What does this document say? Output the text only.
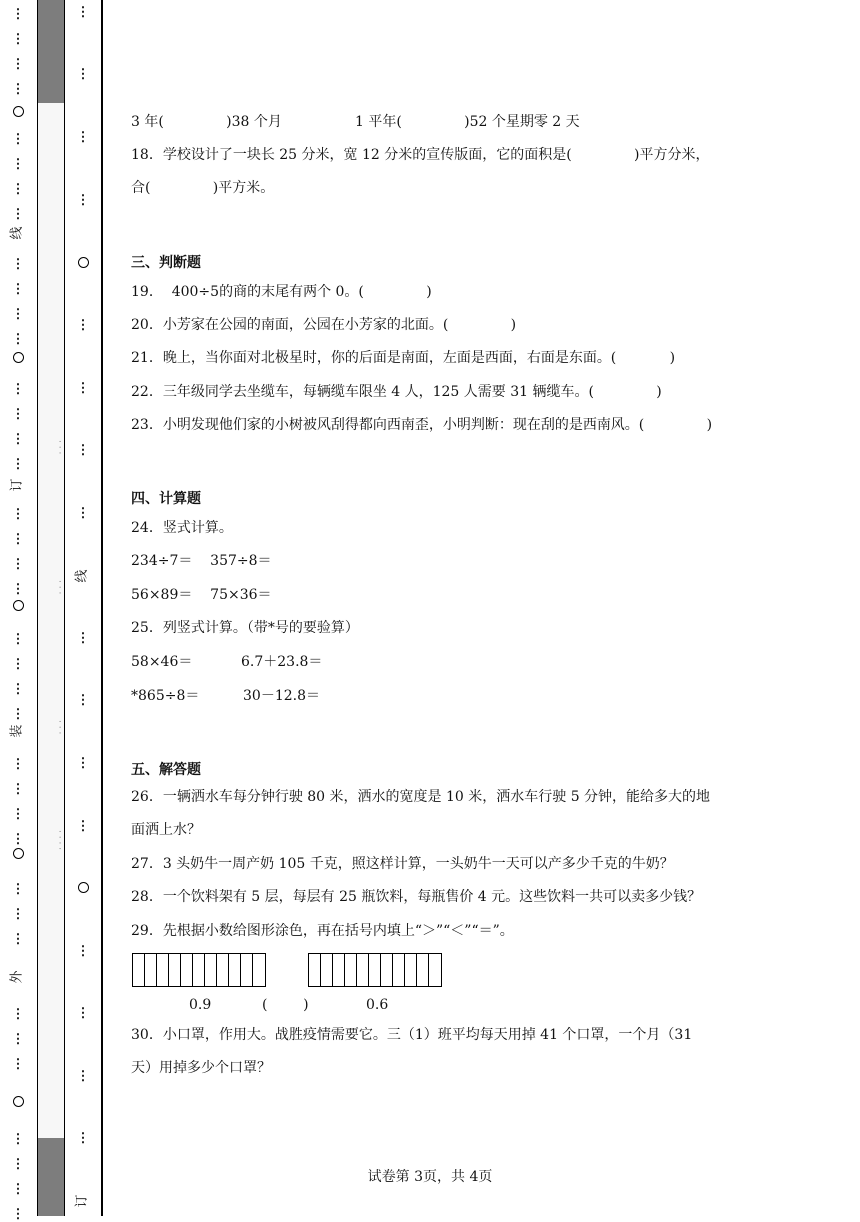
⋮
⋮
⋮
⋮
⋮
⋮
⋮
⋮
⋮
⋮
⋮
⋮
⋮
⋮
⋮
⋮
⋮
⋮
⋮
⋮
⋮
⋮
⋮
⋮
⋮
⋮
⋮
⋮
⋮
⋮
⋮
⋮
⋮
⋮
⋮
⋮
⋮
⋮
线
订
装
外
· · ·
· · ·
· · ·
· · · ·
⋮
⋮
⋮
⋮
⋮
⋮
⋮
⋮
线
⋮
⋮
⋮
⋮
⋮
⋮
⋮
⋮
订
3 年(              )38 个月	1 平年(              )52 个星期零 2 天
18．学校设计了一块长 25 分米，宽 12 分米的宣传版面，它的面积是(              )平方分米，
合(              )平方米。
三、判断题
19．  400÷5的商的末尾有两个 0。(              )
20．小芳家在公园的南面，公园在小芳家的北面。(              )
21．晚上，当你面对北极星时，你的后面是南面，左面是西面，右面是东面。(            )
22．三年级同学去坐缆车，每辆缆车限坐 4 人，125 人需要 31 辆缆车。(              )
23．小明发现他们家的小树被风刮得都向西南歪，小明判断：现在刮的是西南风。(              )
四、计算题
24．竖式计算。
234÷7＝    357÷8＝
56×89＝    75×36＝
25．列竖式计算。（带*号的要验算）
58×46＝	6.7＋23.8＝
*865÷8＝	30－12.8＝
五、解答题
26．一辆洒水车每分钟行驶 80 米，洒水的宽度是 10 米，洒水车行驶 5 分钟，能给多大的地
面洒上水？
27．3 头奶牛一周产奶 105 千克，照这样计算，一头奶牛一天可以产多少千克的牛奶？
28．一个饮料架有 5 层，每层有 25 瓶饮料，每瓶售价 4 元。这些饮料一共可以卖多少钱？
29．先根据小数给图形涂色，再在括号内填上“＞”“＜”“＝”。
0.9	(        )	0.6
30．小口罩，作用大。战胜疫情需要它。三（1）班平均每天用掉 41 个口罩，一个月（31
天）用掉多少个口罩？
试卷第 3页，共 4页
